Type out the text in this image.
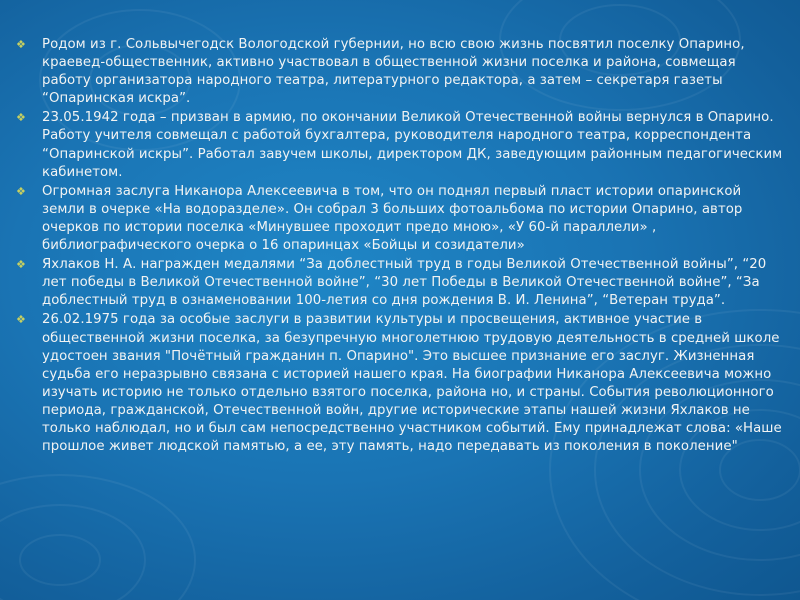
❖ Родом из г. Сольвычегодск Вологодской губернии, но всю свою жизнь посвятил поселку Опарино, краевед-общественник, активно участвовал в общественной жизни поселка и района, совмещая работу организатора народного театра, литературного редактора, а затем – секретаря газеты “Опаринская искра”.

❖ 23.05.1942 года – призван в армию, по окончании Великой Отечественной войны вернулся в Опарино. Работу учителя совмещал с работой бухгалтера, руководителя народного театра, корреспондента “Опаринской искры”. Работал завучем школы, директором ДК, заведующим районным педагогическим кабинетом.

❖ Огромная заслуга Никанора Алексеевича в том, что он поднял первый пласт истории опаринской земли в очерке «На водоразделе». Он собрал 3 больших фотоальбома по истории Опарино, автор очерков по истории поселка «Минувшее проходит предо мною», «У 60-й параллели» , библиографического очерка о 16 опаринцах «Бойцы и созидатели»

❖ Яхлаков Н. А. награжден медалями “За доблестный труд в годы Великой Отечественной войны”, “20 лет победы в Великой Отечественной войне”, “30 лет Победы в Великой Отечественной войне”, “За доблестный труд в ознаменовании 100-летия со дня рождения В. И. Ленина”, “Ветеран труда”.

❖ 26.02.1975 года за особые заслуги в развитии культуры и просвещения, активное участие в общественной жизни поселка, за безупречную многолетнюю трудовую деятельность в средней школе удостоен звания "Почётный гражданин п. Опарино". Это высшее признание его заслуг. Жизненная судьба его неразрывно связана с историей нашего края. На биографии Никанора Алексеевича можно изучать историю не только отдельно взятого поселка, района но, и страны. События революционного периода, гражданской, Отечественной войн, другие исторические этапы нашей жизни Яхлаков не только наблюдал, но и был сам непосредственно участником событий. Ему принадлежат слова: «Наше прошлое живет людской памятью, а ее, эту память, надо передавать из поколения в поколение"
